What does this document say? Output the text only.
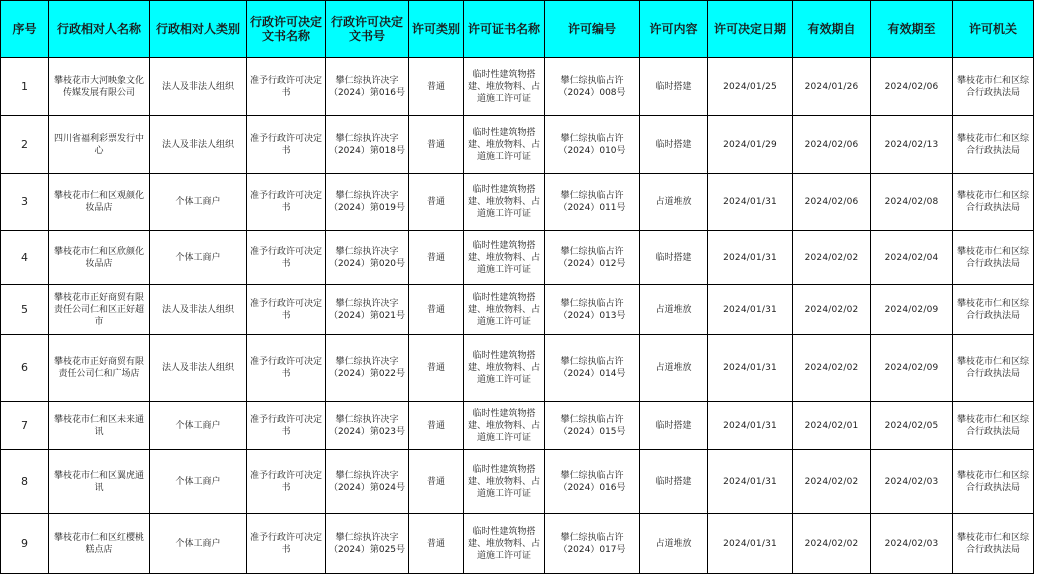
序号	行政相对人名称	行政相对人类别	行政许可决定文书名称	行政许可决定文书号	许可类别	许可证书名称	许可编号	许可内容	许可决定日期	有效期自	有效期至	许可机关
1	攀枝花市大河映象文化传媒发展有限公司	法人及非法人组织	准予行政许可决定书	攀仁综执许决字（2024）第016号	普通	临时性建筑物搭建、堆放物料、占道施工许可证	攀仁综执临占许（2024）008号	临时搭建	2024/01/25	2024/01/26	2024/02/06	攀枝花市仁和区综合行政执法局
2	四川省福利彩票发行中心	法人及非法人组织	准予行政许可决定书	攀仁综执许决字（2024）第018号	普通	临时性建筑物搭建、堆放物料、占道施工许可证	攀仁综执临占许（2024）010号	临时搭建	2024/01/29	2024/02/06	2024/02/13	攀枝花市仁和区综合行政执法局
3	攀枝花市仁和区观颜化妆品店	个体工商户	准予行政许可决定书	攀仁综执许决字（2024）第019号	普通	临时性建筑物搭建、堆放物料、占道施工许可证	攀仁综执临占许（2024）011号	占道堆放	2024/01/31	2024/02/06	2024/02/08	攀枝花市仁和区综合行政执法局
4	攀枝花市仁和区欣颜化妆品店	个体工商户	准予行政许可决定书	攀仁综执许决字（2024）第020号	普通	临时性建筑物搭建、堆放物料、占道施工许可证	攀仁综执临占许（2024）012号	临时搭建	2024/01/31	2024/02/02	2024/02/04	攀枝花市仁和区综合行政执法局
5	攀枝花市正好商贸有限责任公司仁和区正好超市	法人及非法人组织	准予行政许可决定书	攀仁综执许决字（2024）第021号	普通	临时性建筑物搭建、堆放物料、占道施工许可证	攀仁综执临占许（2024）013号	占道堆放	2024/01/31	2024/02/02	2024/02/09	攀枝花市仁和区综合行政执法局
6	攀枝花市正好商贸有限责任公司仁和广场店	法人及非法人组织	准予行政许可决定书	攀仁综执许决字（2024）第022号	普通	临时性建筑物搭建、堆放物料、占道施工许可证	攀仁综执临占许（2024）014号	占道堆放	2024/01/31	2024/02/02	2024/02/09	攀枝花市仁和区综合行政执法局
7	攀枝花市仁和区未来通讯	个体工商户	准予行政许可决定书	攀仁综执许决字（2024）第023号	普通	临时性建筑物搭建、堆放物料、占道施工许可证	攀仁综执临占许（2024）015号	临时搭建	2024/01/31	2024/02/01	2024/02/05	攀枝花市仁和区综合行政执法局
8	攀枝花市仁和区翼虎通讯	个体工商户	准予行政许可决定书	攀仁综执许决字（2024）第024号	普通	临时性建筑物搭建、堆放物料、占道施工许可证	攀仁综执临占许（2024）016号	临时搭建	2024/01/31	2024/02/02	2024/02/03	攀枝花市仁和区综合行政执法局
9	攀枝花市仁和区红樱桃糕点店	个体工商户	准予行政许可决定书	攀仁综执许决字（2024）第025号	普通	临时性建筑物搭建、堆放物料、占道施工许可证	攀仁综执临占许（2024）017号	占道堆放	2024/01/31	2024/02/02	2024/02/03	攀枝花市仁和区综合行政执法局
